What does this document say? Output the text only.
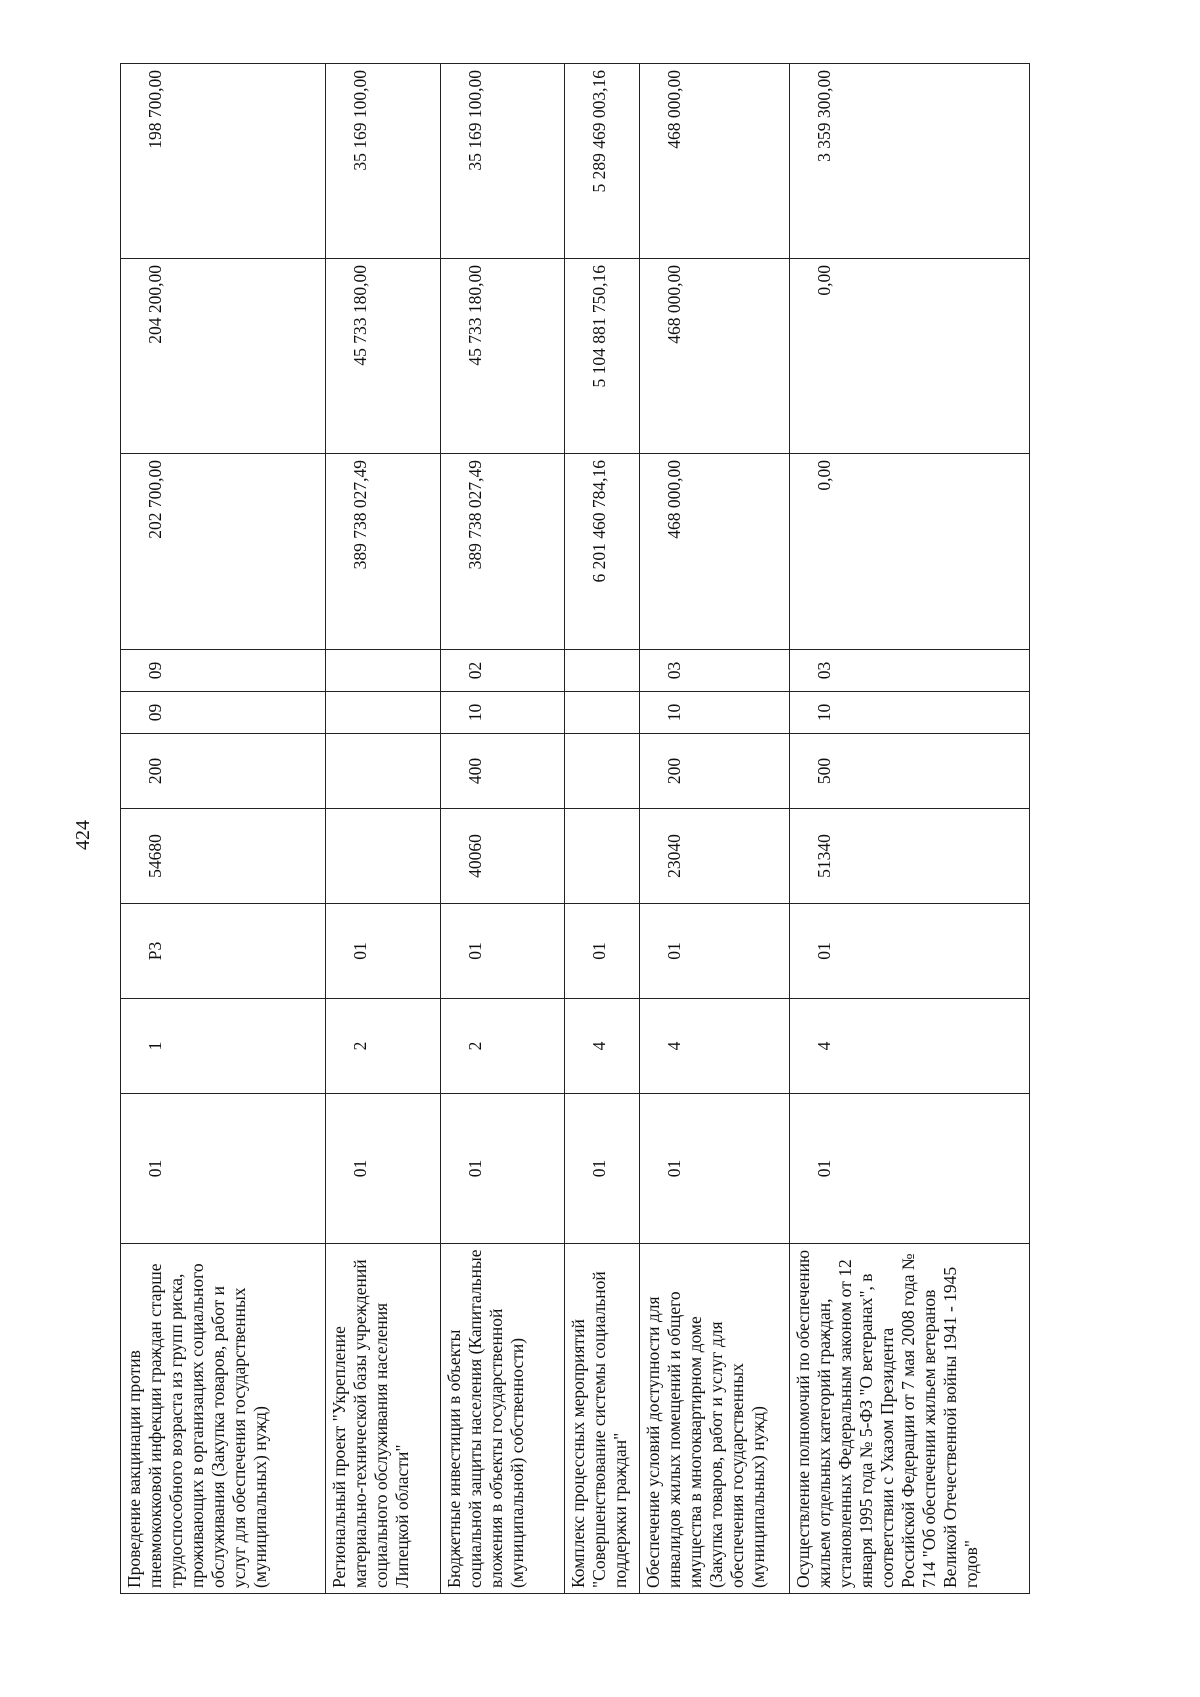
424
Проведение вакцинации против пневмококковой инфекции граждан старше трудоспособного возраста из групп риска, проживающих в организациях социального обслуживания (Закупка товаров, работ и услуг для обеспечения государственных (муниципальных) нужд)	01	1	Р3	54680	200	09	09	202 700,00	204 200,00	198 700,00
Региональный проект "Укрепление материально-технической базы учреждений социального обслуживания населения Липецкой области"	01	2	01					389 738 027,49	45 733 180,00	35 169 100,00
Бюджетные инвестиции в объекты социальной защиты населения (Капитальные вложения в объекты государственной (муниципальной) собственности)	01	2	01	40060	400	10	02	389 738 027,49	45 733 180,00	35 169 100,00
Комплекс процессных мероприятий "Совершенствование системы социальной поддержки граждан"	01	4	01					6 201 460 784,16	5 104 881 750,16	5 289 469 003,16
Обеспечение условий доступности для инвалидов жилых помещений и общего имущества в многоквартирном доме (Закупка товаров, работ и услуг для обеспечения государственных (муниципальных) нужд)	01	4	01	23040	200	10	03	468 000,00	468 000,00	468 000,00
Осуществление полномочий по обеспечению жильем отдельных категорий граждан, установленных Федеральным законом от 12 января 1995 года № 5-ФЗ "О ветеранах", в соответствии с Указом Президента Российской Федерации от 7 мая 2008 года № 714 "Об обеспечении жильем ветеранов Великой Отечественной войны 1941 - 1945 годов"	01	4	01	51340	500	10	03	0,00	0,00	3 359 300,00
